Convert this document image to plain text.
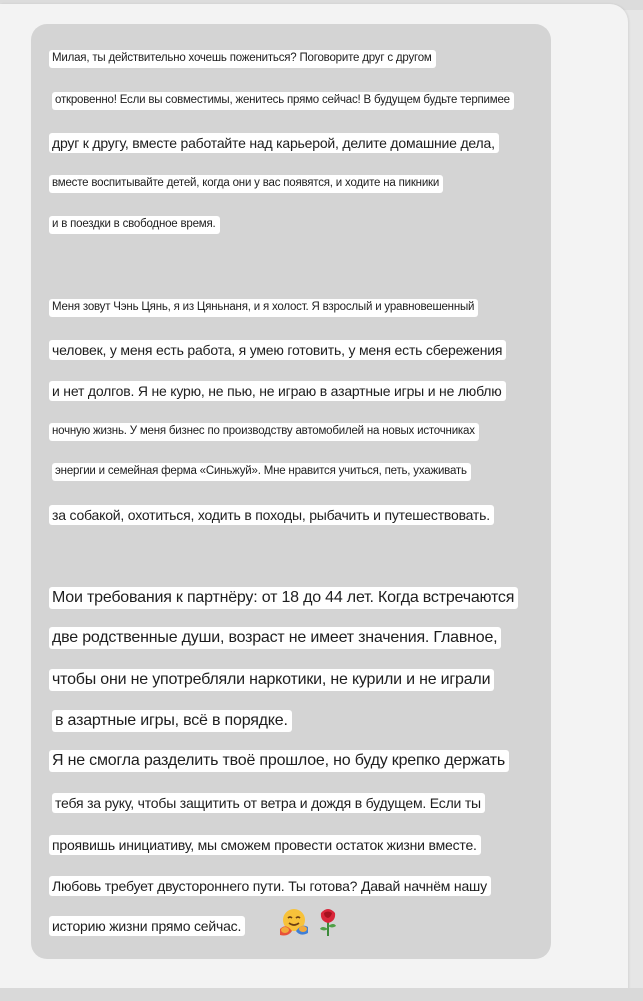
Милая, ты действительно хочешь пожениться? Поговорите друг с другом
откровенно! Если вы совместимы, женитесь прямо сейчас! В будущем будьте терпимее
друг к другу, вместе работайте над карьерой, делите домашние дела,
вместе воспитывайте детей, когда они у вас появятся, и ходите на пикники
и в поездки в свободное время.
Меня зовут Чэнь Цянь, я из Цяньнаня, и я холост. Я взрослый и уравновешенный
человек, у меня есть работа, я умею готовить, у меня есть сбережения
и нет долгов. Я не курю, не пью, не играю в азартные игры и не люблю
ночную жизнь. У меня бизнес по производству автомобилей на новых источниках
энергии и семейная ферма «Синьжуй». Мне нравится учиться, петь, ухаживать
за собакой, охотиться, ходить в походы, рыбачить и путешествовать.
Мои требования к партнёру: от 18 до 44 лет. Когда встречаются
две родственные души, возраст не имеет значения. Главное,
чтобы они не употребляли наркотики, не курили и не играли
в азартные игры, всё в порядке.
Я не смогла разделить твоё прошлое, но буду крепко держать
тебя за руку, чтобы защитить от ветра и дождя в будущем. Если ты
проявишь инициативу, мы сможем провести остаток жизни вместе.
Любовь требует двустороннего пути. Ты готова? Давай начнём нашу
историю жизни прямо сейчас.
